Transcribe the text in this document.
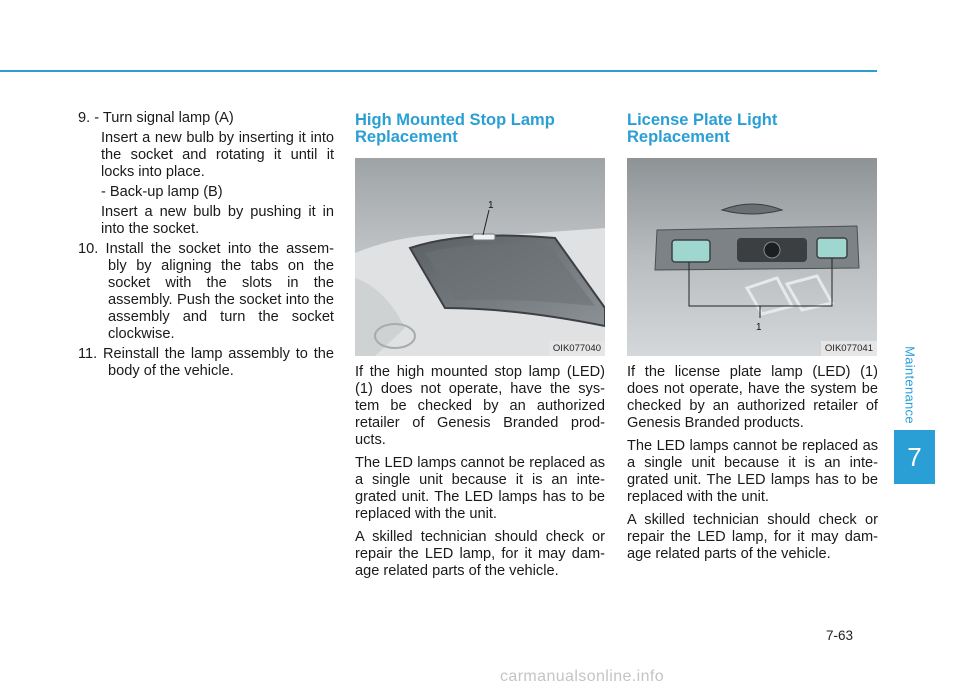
Maintenance
7
9. - Turn signal lamp (A)
Insert a new bulb by inserting it into the socket and rotating it until it locks into place.
- Back-up lamp (B)
Insert a new bulb by pushing it in into the socket.
10. Install the socket into the assem- bly by aligning the tabs on the socket with the slots in the assembly. Push the socket into the assembly and turn the socket clockwise.
11. Reinstall the lamp assembly to the body of the vehicle.
High Mounted Stop Lamp Replacement
1
OIK077040

If the high mounted stop lamp (LED) (1) does not operate, have the sys- tem be checked by an authorized retailer of Genesis Branded prod- ucts.

The LED lamps cannot be replaced as a single unit because it is an inte- grated unit. The LED lamps has to be replaced with the unit.

A skilled technician should check or repair the LED lamp, for it may dam- age related parts of the vehicle.

License Plate Light Replacement
1
OIK077041

If the license plate lamp (LED) (1) does not operate, have the system be checked by an authorized retailer of Genesis Branded products.

The LED lamps cannot be replaced as a single unit because it is an inte- grated unit. The LED lamps has to be replaced with the unit.

A skilled technician should check or repair the LED lamp, for it may dam- age related parts of the vehicle.

7-63
carmanualsonline.info
